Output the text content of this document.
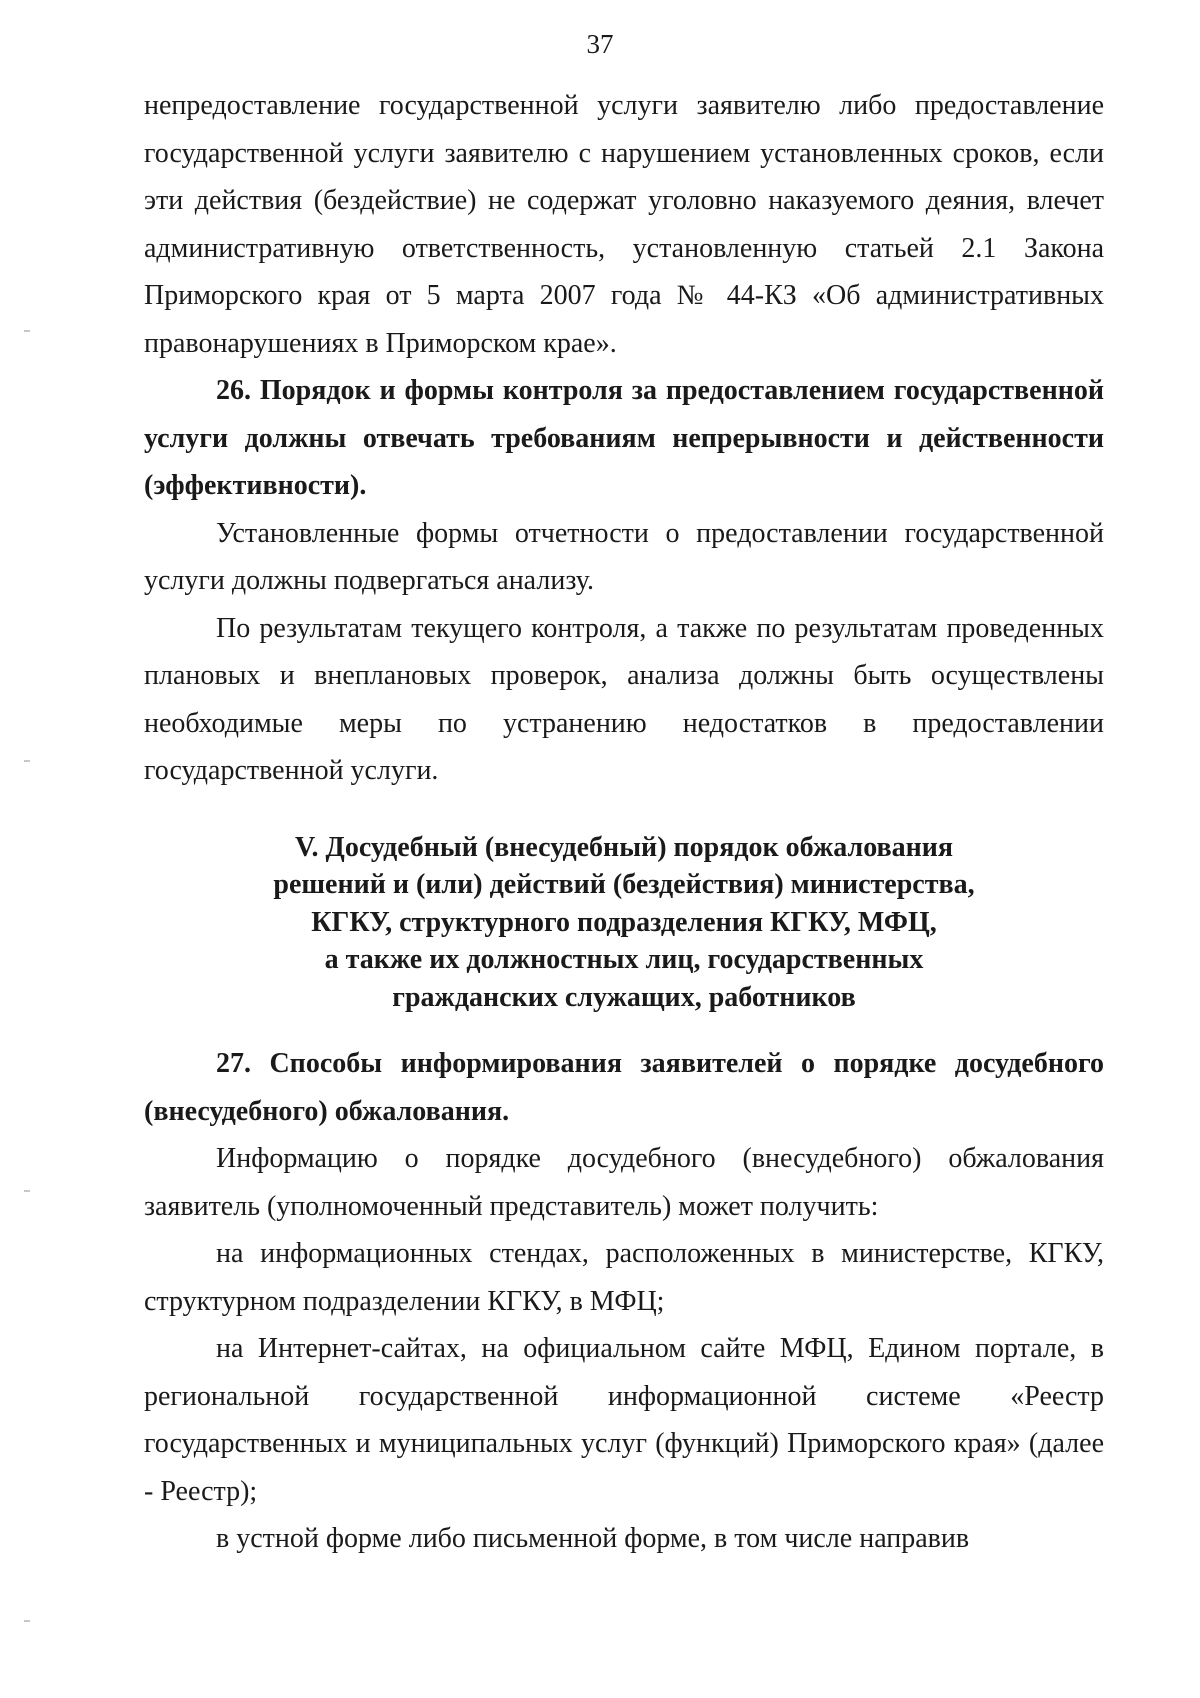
37

непредоставление государственной услуги заявителю либо предоставление государственной услуги заявителю с нарушением установленных сроков, если эти действия (бездействие) не содержат уголовно наказуемого деяния, влечет административную ответственность, установленную статьей 2.1 Закона Приморского края от 5 марта 2007 года № 44-КЗ «Об административных правонарушениях в Приморском крае».

26. Порядок и формы контроля за предоставлением государственной услуги должны отвечать требованиям непрерывности и действенности (эффективности).

Установленные формы отчетности о предоставлении государственной услуги должны подвергаться анализу.

По результатам текущего контроля, а также по результатам проведенных плановых и внеплановых проверок, анализа должны быть осуществлены необходимые меры по устранению недостатков в предоставлении государственной услуги.

V. Досудебный (внесудебный) порядок обжалования
решений и (или) действий (бездействия) министерства,
КГКУ, структурного подразделения КГКУ, МФЦ,
а также их должностных лиц, государственных
гражданских служащих, работников

27. Способы информирования заявителей о порядке досудебного (внесудебного) обжалования.

Информацию о порядке досудебного (внесудебного) обжалования заявитель (уполномоченный представитель) может получить:

на информационных стендах, расположенных в министерстве, КГКУ, структурном подразделении КГКУ, в МФЦ;

на Интернет-сайтах, на официальном сайте МФЦ, Едином портале, в региональной государственной информационной системе «Реестр государственных и муниципальных услуг (функций) Приморского края» (далее - Реестр);

в устной форме либо письменной форме, в том числе направив
